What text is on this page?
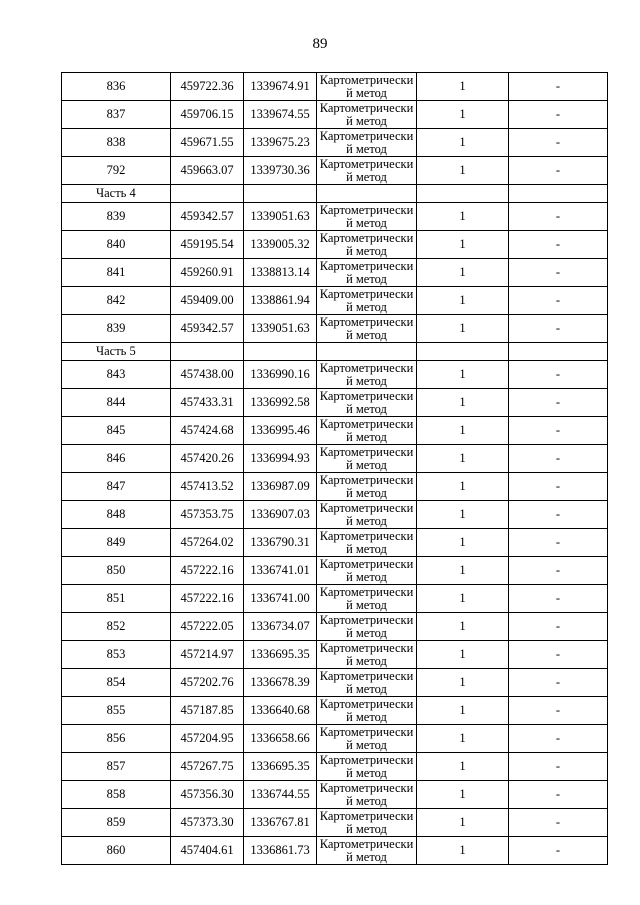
89
836	459722.36	1339674.91	Картометрически
й метод	1	-
837	459706.15	1339674.55	Картометрически
й метод	1	-
838	459671.55	1339675.23	Картометрически
й метод	1	-
792	459663.07	1339730.36	Картометрически
й метод	1	-
Часть 4					
839	459342.57	1339051.63	Картометрически
й метод	1	-
840	459195.54	1339005.32	Картометрически
й метод	1	-
841	459260.91	1338813.14	Картометрически
й метод	1	-
842	459409.00	1338861.94	Картометрически
й метод	1	-
839	459342.57	1339051.63	Картометрически
й метод	1	-
Часть 5					
843	457438.00	1336990.16	Картометрически
й метод	1	-
844	457433.31	1336992.58	Картометрически
й метод	1	-
845	457424.68	1336995.46	Картометрически
й метод	1	-
846	457420.26	1336994.93	Картометрически
й метод	1	-
847	457413.52	1336987.09	Картометрически
й метод	1	-
848	457353.75	1336907.03	Картометрически
й метод	1	-
849	457264.02	1336790.31	Картометрически
й метод	1	-
850	457222.16	1336741.01	Картометрически
й метод	1	-
851	457222.16	1336741.00	Картометрически
й метод	1	-
852	457222.05	1336734.07	Картометрически
й метод	1	-
853	457214.97	1336695.35	Картометрически
й метод	1	-
854	457202.76	1336678.39	Картометрически
й метод	1	-
855	457187.85	1336640.68	Картометрически
й метод	1	-
856	457204.95	1336658.66	Картометрически
й метод	1	-
857	457267.75	1336695.35	Картометрически
й метод	1	-
858	457356.30	1336744.55	Картометрически
й метод	1	-
859	457373.30	1336767.81	Картометрически
й метод	1	-
860	457404.61	1336861.73	Картометрически
й метод	1	-
